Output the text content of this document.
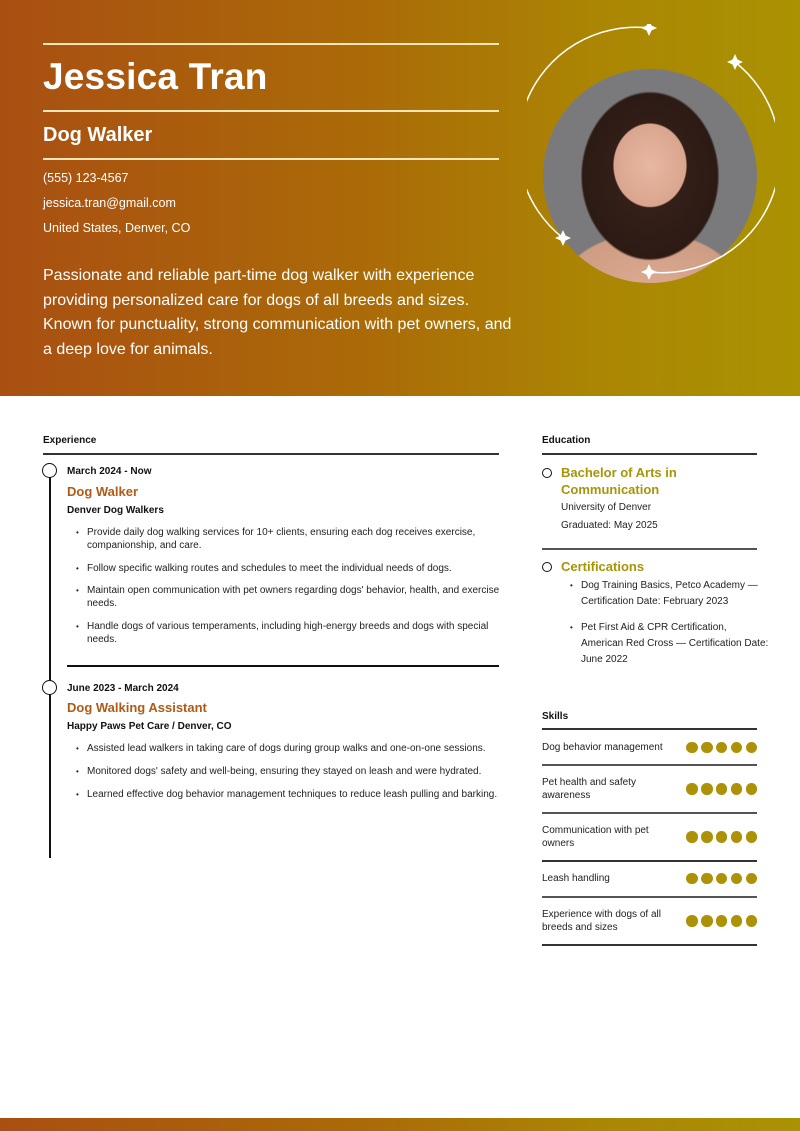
Jessica Tran
Dog Walker
(555) 123-4567
jessica.tran@gmail.com
United States, Denver, CO
Passionate and reliable part-time dog walker with experience providing personalized care for dogs of all breeds and sizes. Known for punctuality, strong communication with pet owners, and a deep love for animals.
Experience
March 2024 - Now
Dog Walker
Denver Dog Walkers
• Provide daily dog walking services for 10+ clients, ensuring each dog receives exercise, companionship, and care.
• Follow specific walking routes and schedules to meet the individual needs of dogs.
• Maintain open communication with pet owners regarding dogs' behavior, health, and exercise needs.
• Handle dogs of various temperaments, including high-energy breeds and dogs with special needs.
June 2023 - March 2024
Dog Walking Assistant
Happy Paws Pet Care / Denver, CO
• Assisted lead walkers in taking care of dogs during group walks and one-on-one sessions.
• Monitored dogs' safety and well-being, ensuring they stayed on leash and were hydrated.
• Learned effective dog behavior management techniques to reduce leash pulling and barking.
Education
Bachelor of Arts in Communication
University of Denver
Graduated: May 2025
Certifications
• Dog Training Basics, Petco Academy — Certification Date: February 2023
• Pet First Aid & CPR Certification, American Red Cross — Certification Date: June 2022
Skills
Dog behavior management
Pet health and safety awareness
Communication with pet owners
Leash handling
Experience with dogs of all breeds and sizes
